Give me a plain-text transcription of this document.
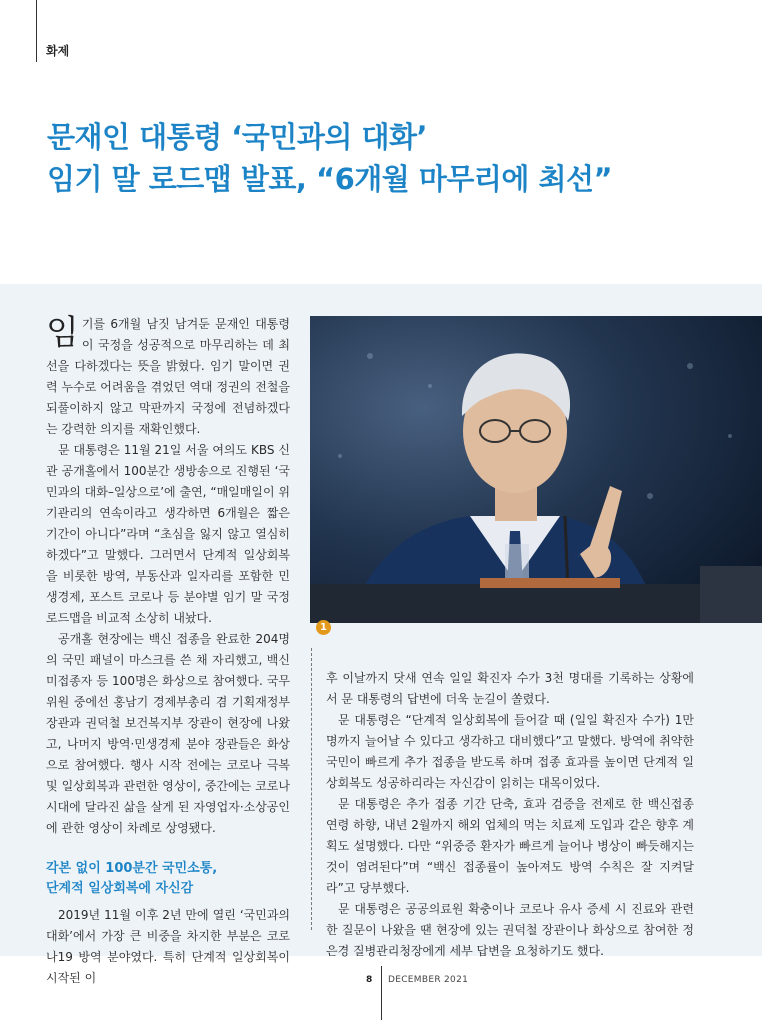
화제
문재인 대통령 ‘국민과의 대화’
임기 말 로드맵 발표, “6개월 마무리에 최선”

임기를 6개월 남짓 남겨둔 문재인 대통령이 국정을 성공적으로 마무리하는 데 최선을 다하겠다는 뜻을 밝혔다. 임기 말이면 권력 누수로 어려움을 겪었던 역대 정권의 전철을 되풀이하지 않고 막판까지 국정에 전념하겠다는 강력한 의지를 재확인했다.

문 대통령은 11월 21일 서울 여의도 KBS 신관 공개홀에서 100분간 생방송으로 진행된 ‘국민과의 대화–일상으로’에 출연, “매일매일이 위기관리의 연속이라고 생각하면 6개월은 짧은 기간이 아니다”라며 “초심을 잃지 않고 열심히 하겠다”고 말했다. 그러면서 단계적 일상회복을 비롯한 방역, 부동산과 일자리를 포함한 민생경제, 포스트 코로나 등 분야별 임기 말 국정 로드맵을 비교적 소상히 내놨다.

공개홀 현장에는 백신 접종을 완료한 204명의 국민 패널이 마스크를 쓴 채 자리했고, 백신 미접종자 등 100명은 화상으로 참여했다. 국무위원 중에선 홍남기 경제부총리 겸 기획재정부 장관과 권덕철 보건복지부 장관이 현장에 나왔고, 나머지 방역·민생경제 분야 장관들은 화상으로 참여했다. 행사 시작 전에는 코로나 극복 및 일상회복과 관련한 영상이, 중간에는 코로나 시대에 달라진 삶을 살게 된 자영업자·소상공인에 관한 영상이 차례로 상영됐다.

각본 없이 100분간 국민소통,
단계적 일상회복에 자신감

2019년 11월 이후 2년 만에 열린 ‘국민과의 대화’에서 가장 큰 비중을 차지한 부분은 코로나19 방역 분야였다. 특히 단계적 일상회복이 시작된 이

1

후 이날까지 닷새 연속 일일 확진자 수가 3천 명대를 기록하는 상황에서 문 대통령의 답변에 더욱 눈길이 쏠렸다.

문 대통령은 “단계적 일상회복에 들어갈 때 (일일 확진자 수가) 1만 명까지 늘어날 수 있다고 생각하고 대비했다”고 말했다. 방역에 취약한 국민이 빠르게 추가 접종을 받도록 하며 접종 효과를 높이면 단계적 일상회복도 성공하리라는 자신감이 읽히는 대목이었다.

문 대통령은 추가 접종 기간 단축, 효과 검증을 전제로 한 백신접종 연령 하향, 내년 2월까지 해외 업체의 먹는 치료제 도입과 같은 향후 계획도 설명했다. 다만 “위중증 환자가 빠르게 늘어나 병상이 빠듯해지는 것이 염려된다”며 “백신 접종률이 높아져도 방역 수칙은 잘 지켜달라”고 당부했다.

문 대통령은 공공의료원 확충이나 코로나 유사 증세 시 진료와 관련한 질문이 나왔을 땐 현장에 있는 권덕철 장관이나 화상으로 참여한 정은경 질병관리청장에게 세부 답변을 요청하기도 했다.

8 DECEMBER 2021
